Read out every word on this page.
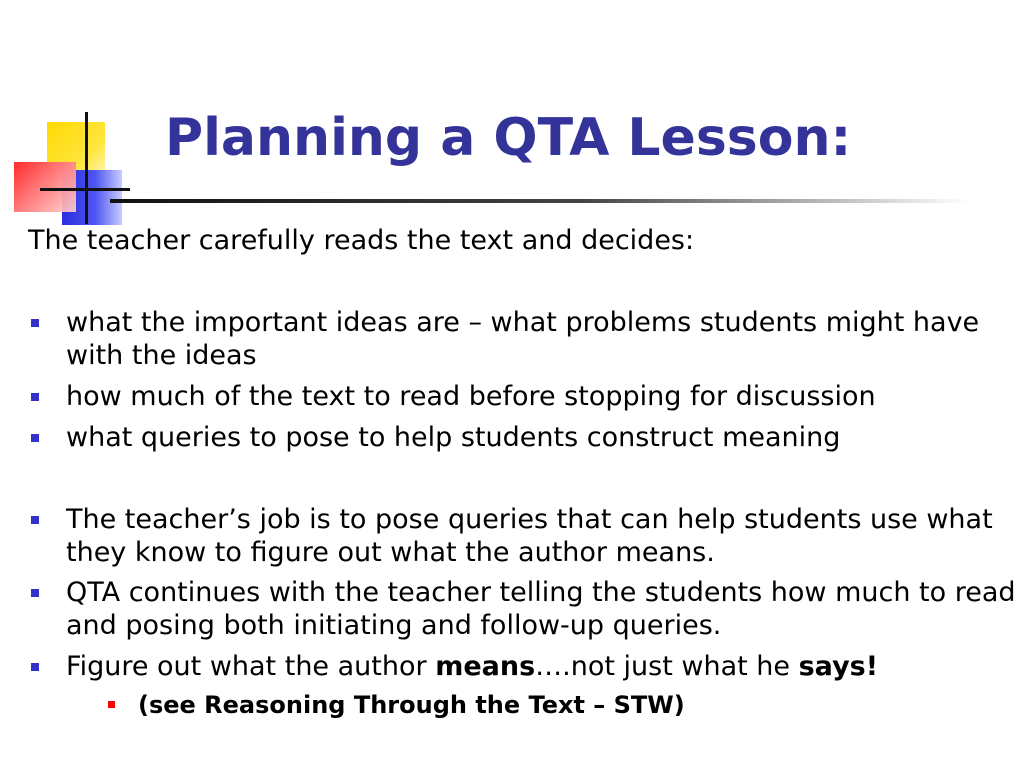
Planning a QTA Lesson:
The teacher carefully reads the text and decides:
what the important ideas are – what problems students might have with the ideas
how much of the text to read before stopping for discussion
what queries to pose to help students construct meaning
The teacher’s job is to pose queries that can help students use what they know to figure out what the author means.
QTA continues with the teacher telling the students how much to read and posing both initiating and follow-up queries.
Figure out what the author means….not just what he says!
(see Reasoning Through the Text – STW)
